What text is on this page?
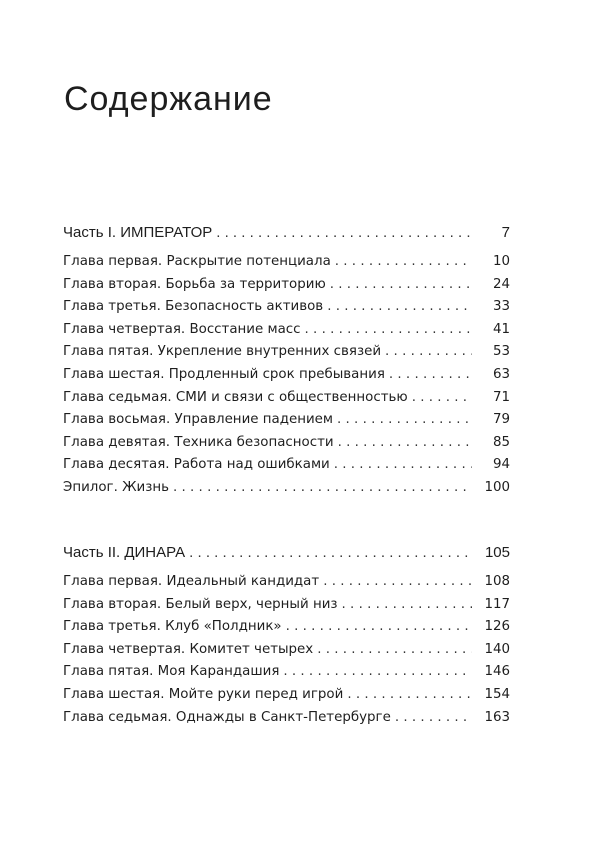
Содержание
Часть I. ИМПЕРАТОР . . .	7
Глава первая. Раскрытие потенциала . . .	10
Глава вторая. Борьба за территорию . . .	24
Глава третья. Безопасность активов . . .	33
Глава четвертая. Восстание масс . . .	41
Глава пятая. Укрепление внутренних связей . . .	53
Глава шестая. Продленный срок пребывания . . .	63
Глава седьмая. СМИ и связи с общественностью . . .	71
Глава восьмая. Управление падением . . .	79
Глава девятая. Техника безопасности . . .	85
Глава десятая. Работа над ошибками . . .	94
Эпилог. Жизнь . . .	100
Часть II. ДИНАРА . . .	105
Глава первая. Идеальный кандидат . . .	108
Глава вторая. Белый верх, черный низ . . .	117
Глава третья. Клуб «Полдник» . . .	126
Глава четвертая. Комитет четырех . . .	140
Глава пятая. Моя Карандашия . . .	146
Глава шестая. Мойте руки перед игрой . . .	154
Глава седьмая. Однажды в Санкт-Петербурге . . .	163
